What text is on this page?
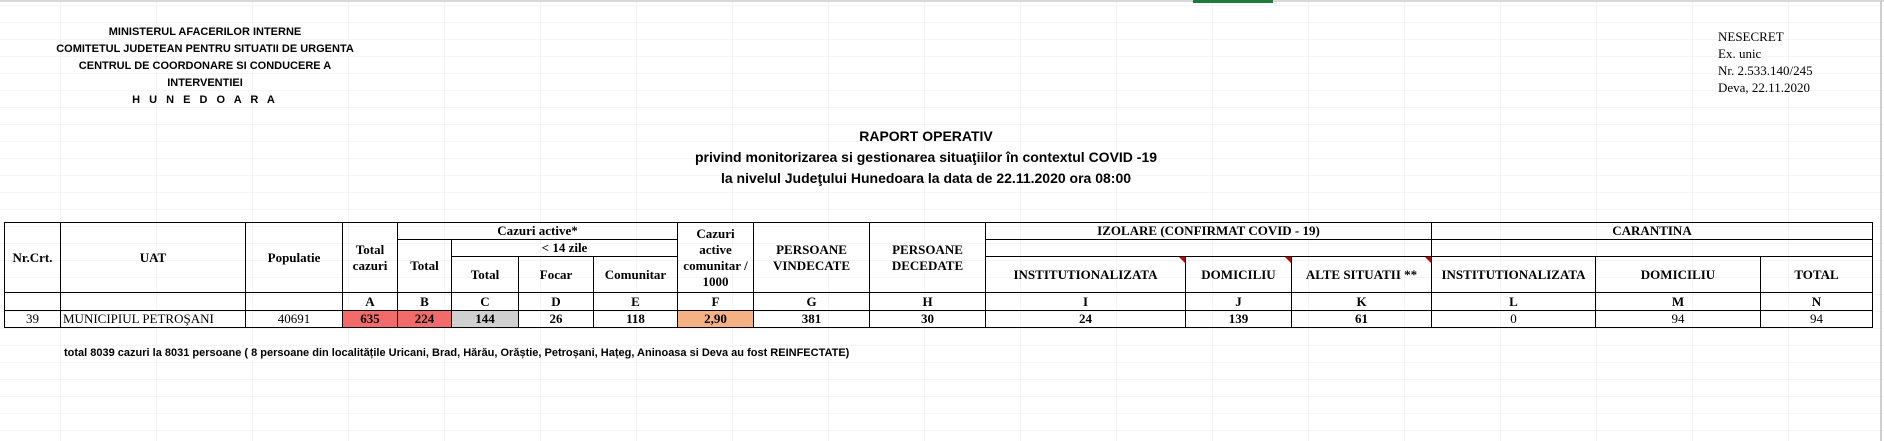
MINISTERUL AFACERILOR INTERNE
COMITETUL JUDETEAN PENTRU SITUATII DE URGENTA
CENTRUL DE COORDONARE SI CONDUCERE A INTERVENTIEI
H U N E D O A R A
NESECRET
Ex. unic
Nr. 2.533.140/245
Deva, 22.11.2020
RAPORT OPERATIV
privind monitorizarea si gestionarea situaţiilor în contextul COVID -19
la nivelul Judeţului Hunedoara la data de 22.11.2020 ora 08:00
Nr.Crt.	UAT	Populatie	Total cazuri	Cazuri active*				Cazuri active comunitar / 1000	PERSOANE VINDECATE	PERSOANE DECEDATE	IZOLARE (CONFIRMAT COVID - 19)			CARANTINA		
				Total	< 14 zile											
					Total	Focar	Comunitar				INSTITUTIONALIZATA	DOMICILIU	ALTE SITUATII **	INSTITUTIONALIZATA	DOMICILIU	TOTAL
			A	B	C	D	E	F	G	H	I	J	K	L	M	N
39	MUNICIPIUL PETROŞANI	40691	635	224	144	26	118	2,90	381	30	24	139	61	0	94	94
total 8039 cazuri la 8031 persoane ( 8 persoane din localitățile Uricani, Brad, Hărău, Orăștie, Petroșani, Hațeg, Aninoasa si Deva au fost REINFECTATE)
